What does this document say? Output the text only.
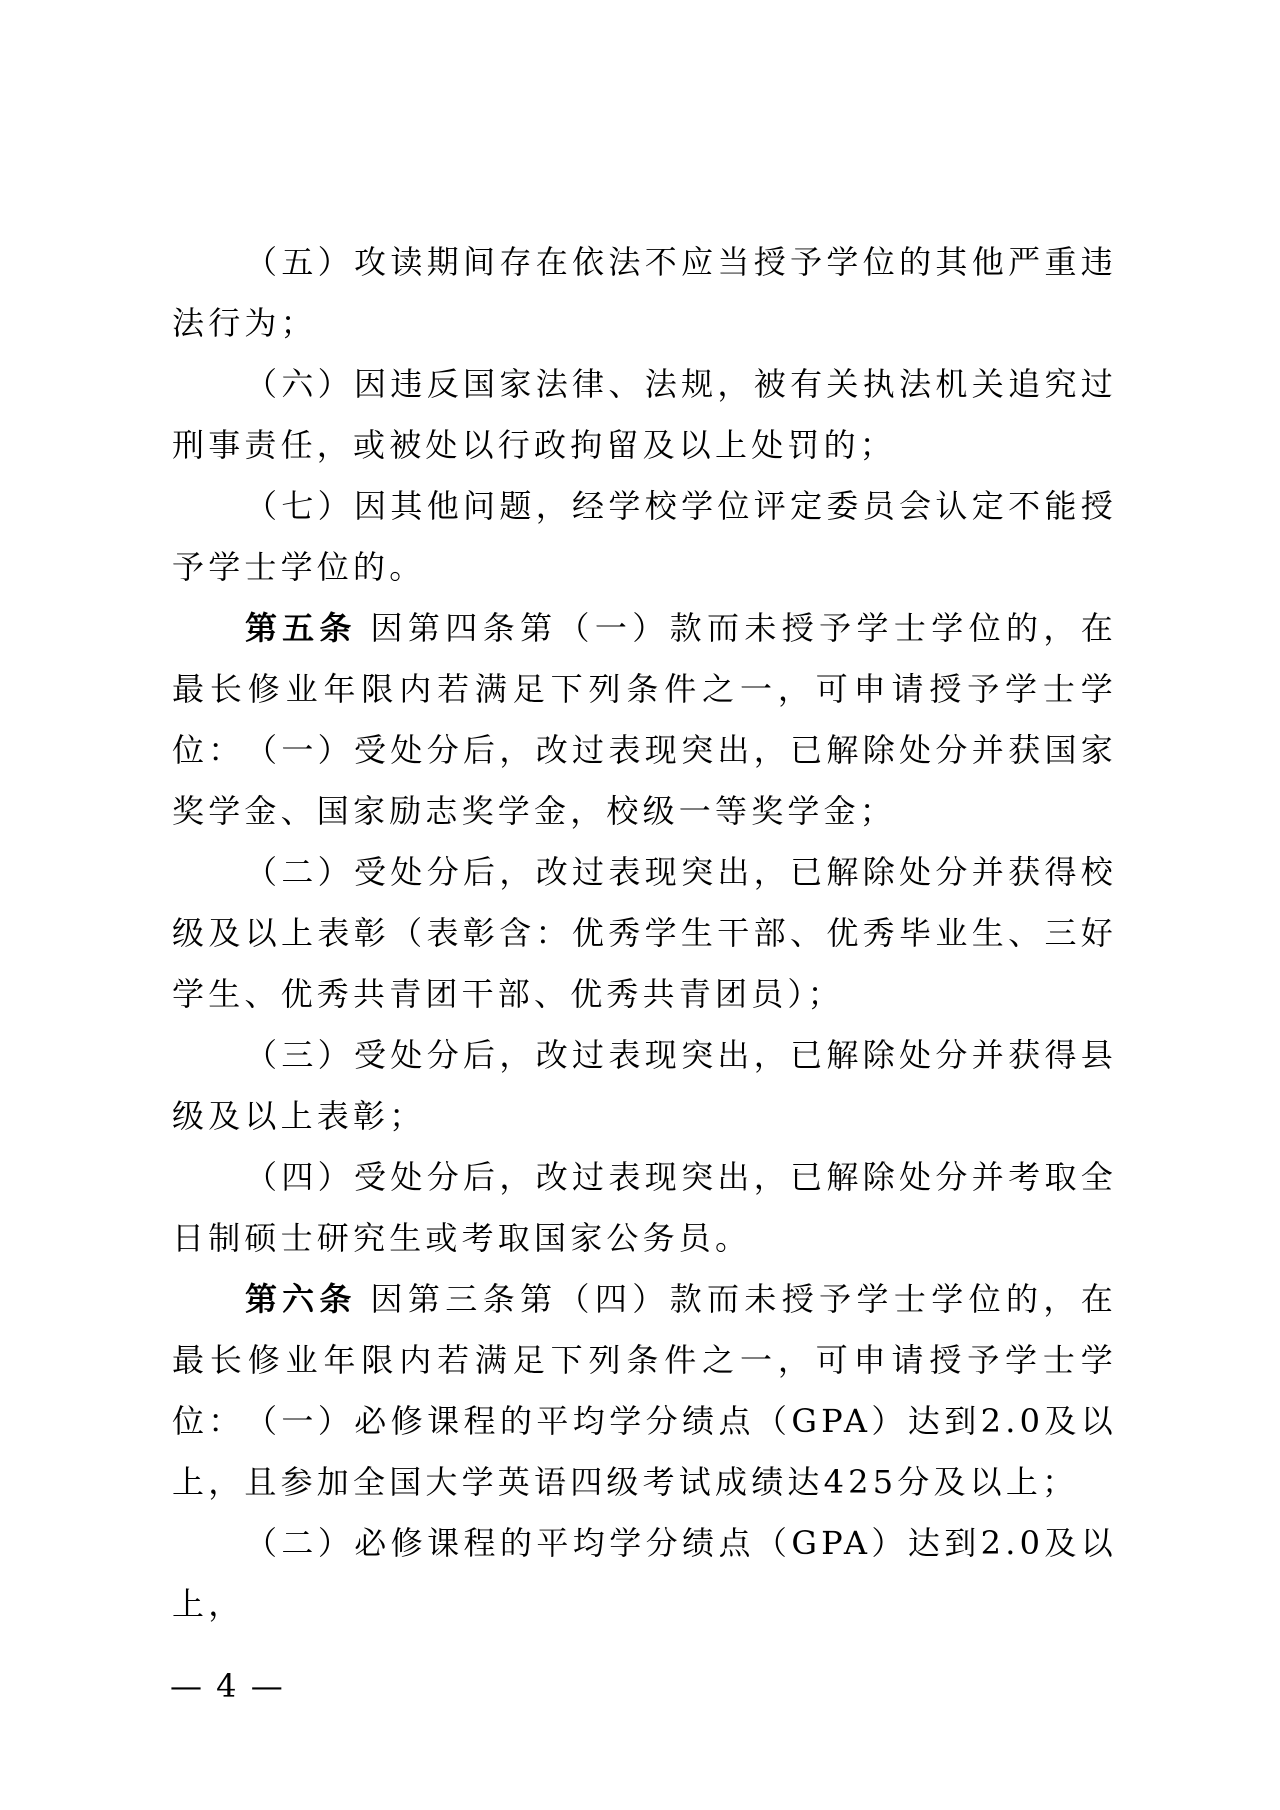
（五）攻读期间存在依法不应当授予学位的其他严重违法行为；

（六）因违反国家法律、法规，被有关执法机关追究过刑事责任，或被处以行政拘留及以上处罚的；

（七）因其他问题，经学校学位评定委员会认定不能授予学士学位的。

第五条 因第四条第（一）款而未授予学士学位的，在最长修业年限内若满足下列条件之一，可申请授予学士学位： （一）受处分后，改过表现突出，已解除处分并获国家奖学金、国家励志奖学金，校级一等奖学金；

（二）受处分后，改过表现突出，已解除处分并获得校级及以上表彰（表彰含：优秀学生干部、优秀毕业生、三好学生、优秀共青团干部、优秀共青团员）；

（三）受处分后，改过表现突出，已解除处分并获得县级及以上表彰；

（四）受处分后，改过表现突出，已解除处分并考取全日制硕士研究生或考取国家公务员。

第六条 因第三条第（四）款而未授予学士学位的，在最长修业年限内若满足下列条件之一，可申请授予学士学位： （一）必修课程的平均学分绩点（GPA）达到2.0及以上，且参加全国大学英语四级考试成绩达425分及以上；

（二）必修课程的平均学分绩点（GPA）达到2.0及以上，

— 4 —
